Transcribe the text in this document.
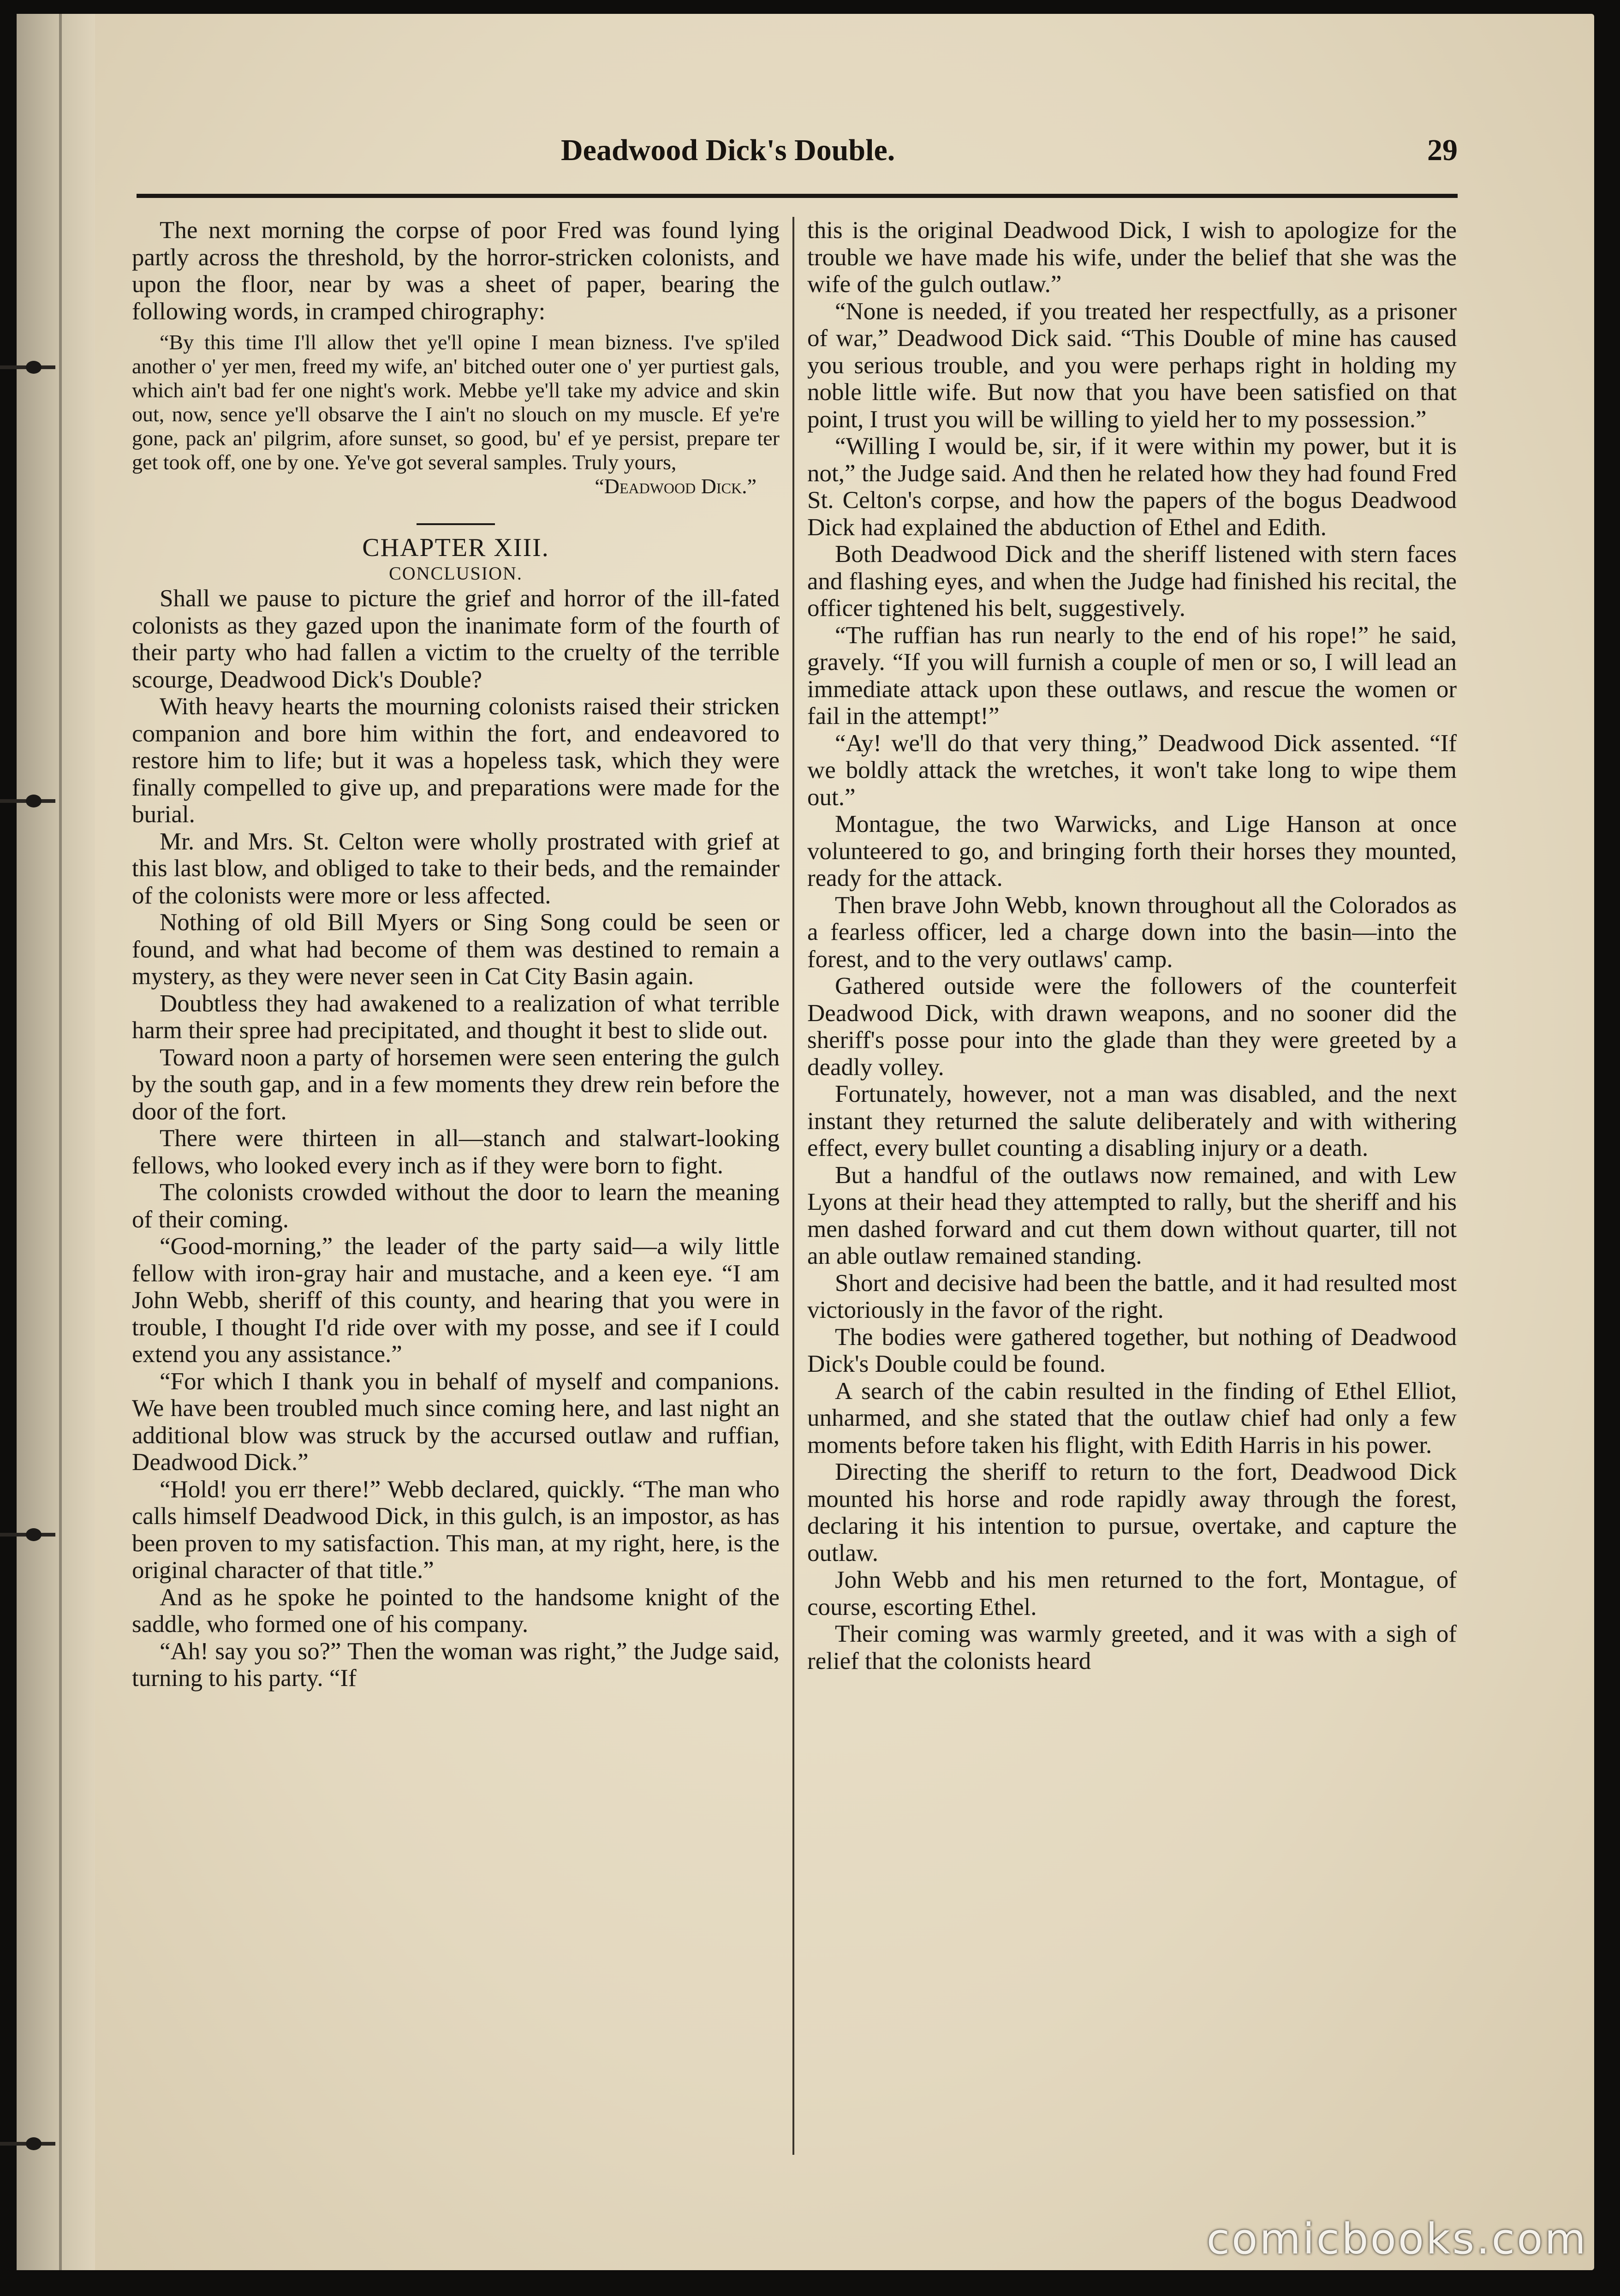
Deadwood Dick's Double.	29

The next morning the corpse of poor Fred was found lying partly across the threshold, by the horror-stricken colonists, and upon the floor, near by was a sheet of paper, bearing the following words, in cramped chirography:

“By this time I'll allow thet ye'll opine I mean bizness. I've sp'iled another o' yer men, freed my wife, an' bitched outer one o' yer purtiest gals, which ain't bad fer one night's work. Mebbe ye'll take my advice and skin out, now, sence ye'll obsarve the I ain't no slouch on my muscle. Ef ye're gone, pack an' pilgrim, afore sunset, so good, bu' ef ye persist, prepare ter get took off, one by one. Ye've got several samples. Truly yours,

“Deadwood Dick.”
CHAPTER XIII.
CONCLUSION.

Shall we pause to picture the grief and horror of the ill-fated colonists as they gazed upon the inanimate form of the fourth of their party who had fallen a victim to the cruelty of the terrible scourge, Deadwood Dick's Double?

With heavy hearts the mourning colonists raised their stricken companion and bore him within the fort, and endeavored to restore him to life; but it was a hopeless task, which they were finally compelled to give up, and preparations were made for the burial.

Mr. and Mrs. St. Celton were wholly prostrated with grief at this last blow, and obliged to take to their beds, and the remainder of the colonists were more or less affected.

Nothing of old Bill Myers or Sing Song could be seen or found, and what had become of them was destined to remain a mystery, as they were never seen in Cat City Basin again.

Doubtless they had awakened to a realization of what terrible harm their spree had precipitated, and thought it best to slide out.

Toward noon a party of horsemen were seen entering the gulch by the south gap, and in a few moments they drew rein before the door of the fort.

There were thirteen in all—stanch and stalwart-looking fellows, who looked every inch as if they were born to fight.

The colonists crowded without the door to learn the meaning of their coming.

“Good-morning,” the leader of the party said—a wily little fellow with iron-gray hair and mustache, and a keen eye. “I am John Webb, sheriff of this county, and hearing that you were in trouble, I thought I'd ride over with my posse, and see if I could extend you any assistance.”

“For which I thank you in behalf of myself and companions. We have been troubled much since coming here, and last night an additional blow was struck by the accursed outlaw and ruffian, Deadwood Dick.”

“Hold! you err there!” Webb declared, quickly. “The man who calls himself Deadwood Dick, in this gulch, is an impostor, as has been proven to my satisfaction. This man, at my right, here, is the original character of that title.”

And as he spoke he pointed to the handsome knight of the saddle, who formed one of his company.

“Ah! say you so?” Then the woman was right,” the Judge said, turning to his party. “If

this is the original Deadwood Dick, I wish to apologize for the trouble we have made his wife, under the belief that she was the wife of the gulch outlaw.”

“None is needed, if you treated her respectfully, as a prisoner of war,” Deadwood Dick said. “This Double of mine has caused you serious trouble, and you were perhaps right in holding my noble little wife. But now that you have been satisfied on that point, I trust you will be willing to yield her to my possession.”

“Willing I would be, sir, if it were within my power, but it is not,” the Judge said. And then he related how they had found Fred St. Celton's corpse, and how the papers of the bogus Deadwood Dick had explained the abduction of Ethel and Edith.

Both Deadwood Dick and the sheriff listened with stern faces and flashing eyes, and when the Judge had finished his recital, the officer tightened his belt, suggestively.

“The ruffian has run nearly to the end of his rope!” he said, gravely. “If you will furnish a couple of men or so, I will lead an immediate attack upon these outlaws, and rescue the women or fail in the attempt!”

“Ay! we'll do that very thing,” Deadwood Dick assented. “If we boldly attack the wretches, it won't take long to wipe them out.”

Montague, the two Warwicks, and Lige Hanson at once volunteered to go, and bringing forth their horses they mounted, ready for the attack.

Then brave John Webb, known throughout all the Colorados as a fearless officer, led a charge down into the basin—into the forest, and to the very outlaws' camp.

Gathered outside were the followers of the counterfeit Deadwood Dick, with drawn weapons, and no sooner did the sheriff's posse pour into the glade than they were greeted by a deadly volley.

Fortunately, however, not a man was disabled, and the next instant they returned the salute deliberately and with withering effect, every bullet counting a disabling injury or a death.

But a handful of the outlaws now remained, and with Lew Lyons at their head they attempted to rally, but the sheriff and his men dashed forward and cut them down without quarter, till not an able outlaw remained standing.

Short and decisive had been the battle, and it had resulted most victoriously in the favor of the right.

The bodies were gathered together, but nothing of Deadwood Dick's Double could be found.

A search of the cabin resulted in the finding of Ethel Elliot, unharmed, and she stated that the outlaw chief had only a few moments before taken his flight, with Edith Harris in his power.

Directing the sheriff to return to the fort, Deadwood Dick mounted his horse and rode rapidly away through the forest, declaring it his intention to pursue, overtake, and capture the outlaw.

John Webb and his men returned to the fort, Montague, of course, escorting Ethel.

Their coming was warmly greeted, and it was with a sigh of relief that the colonists heard

comicbooks.com
